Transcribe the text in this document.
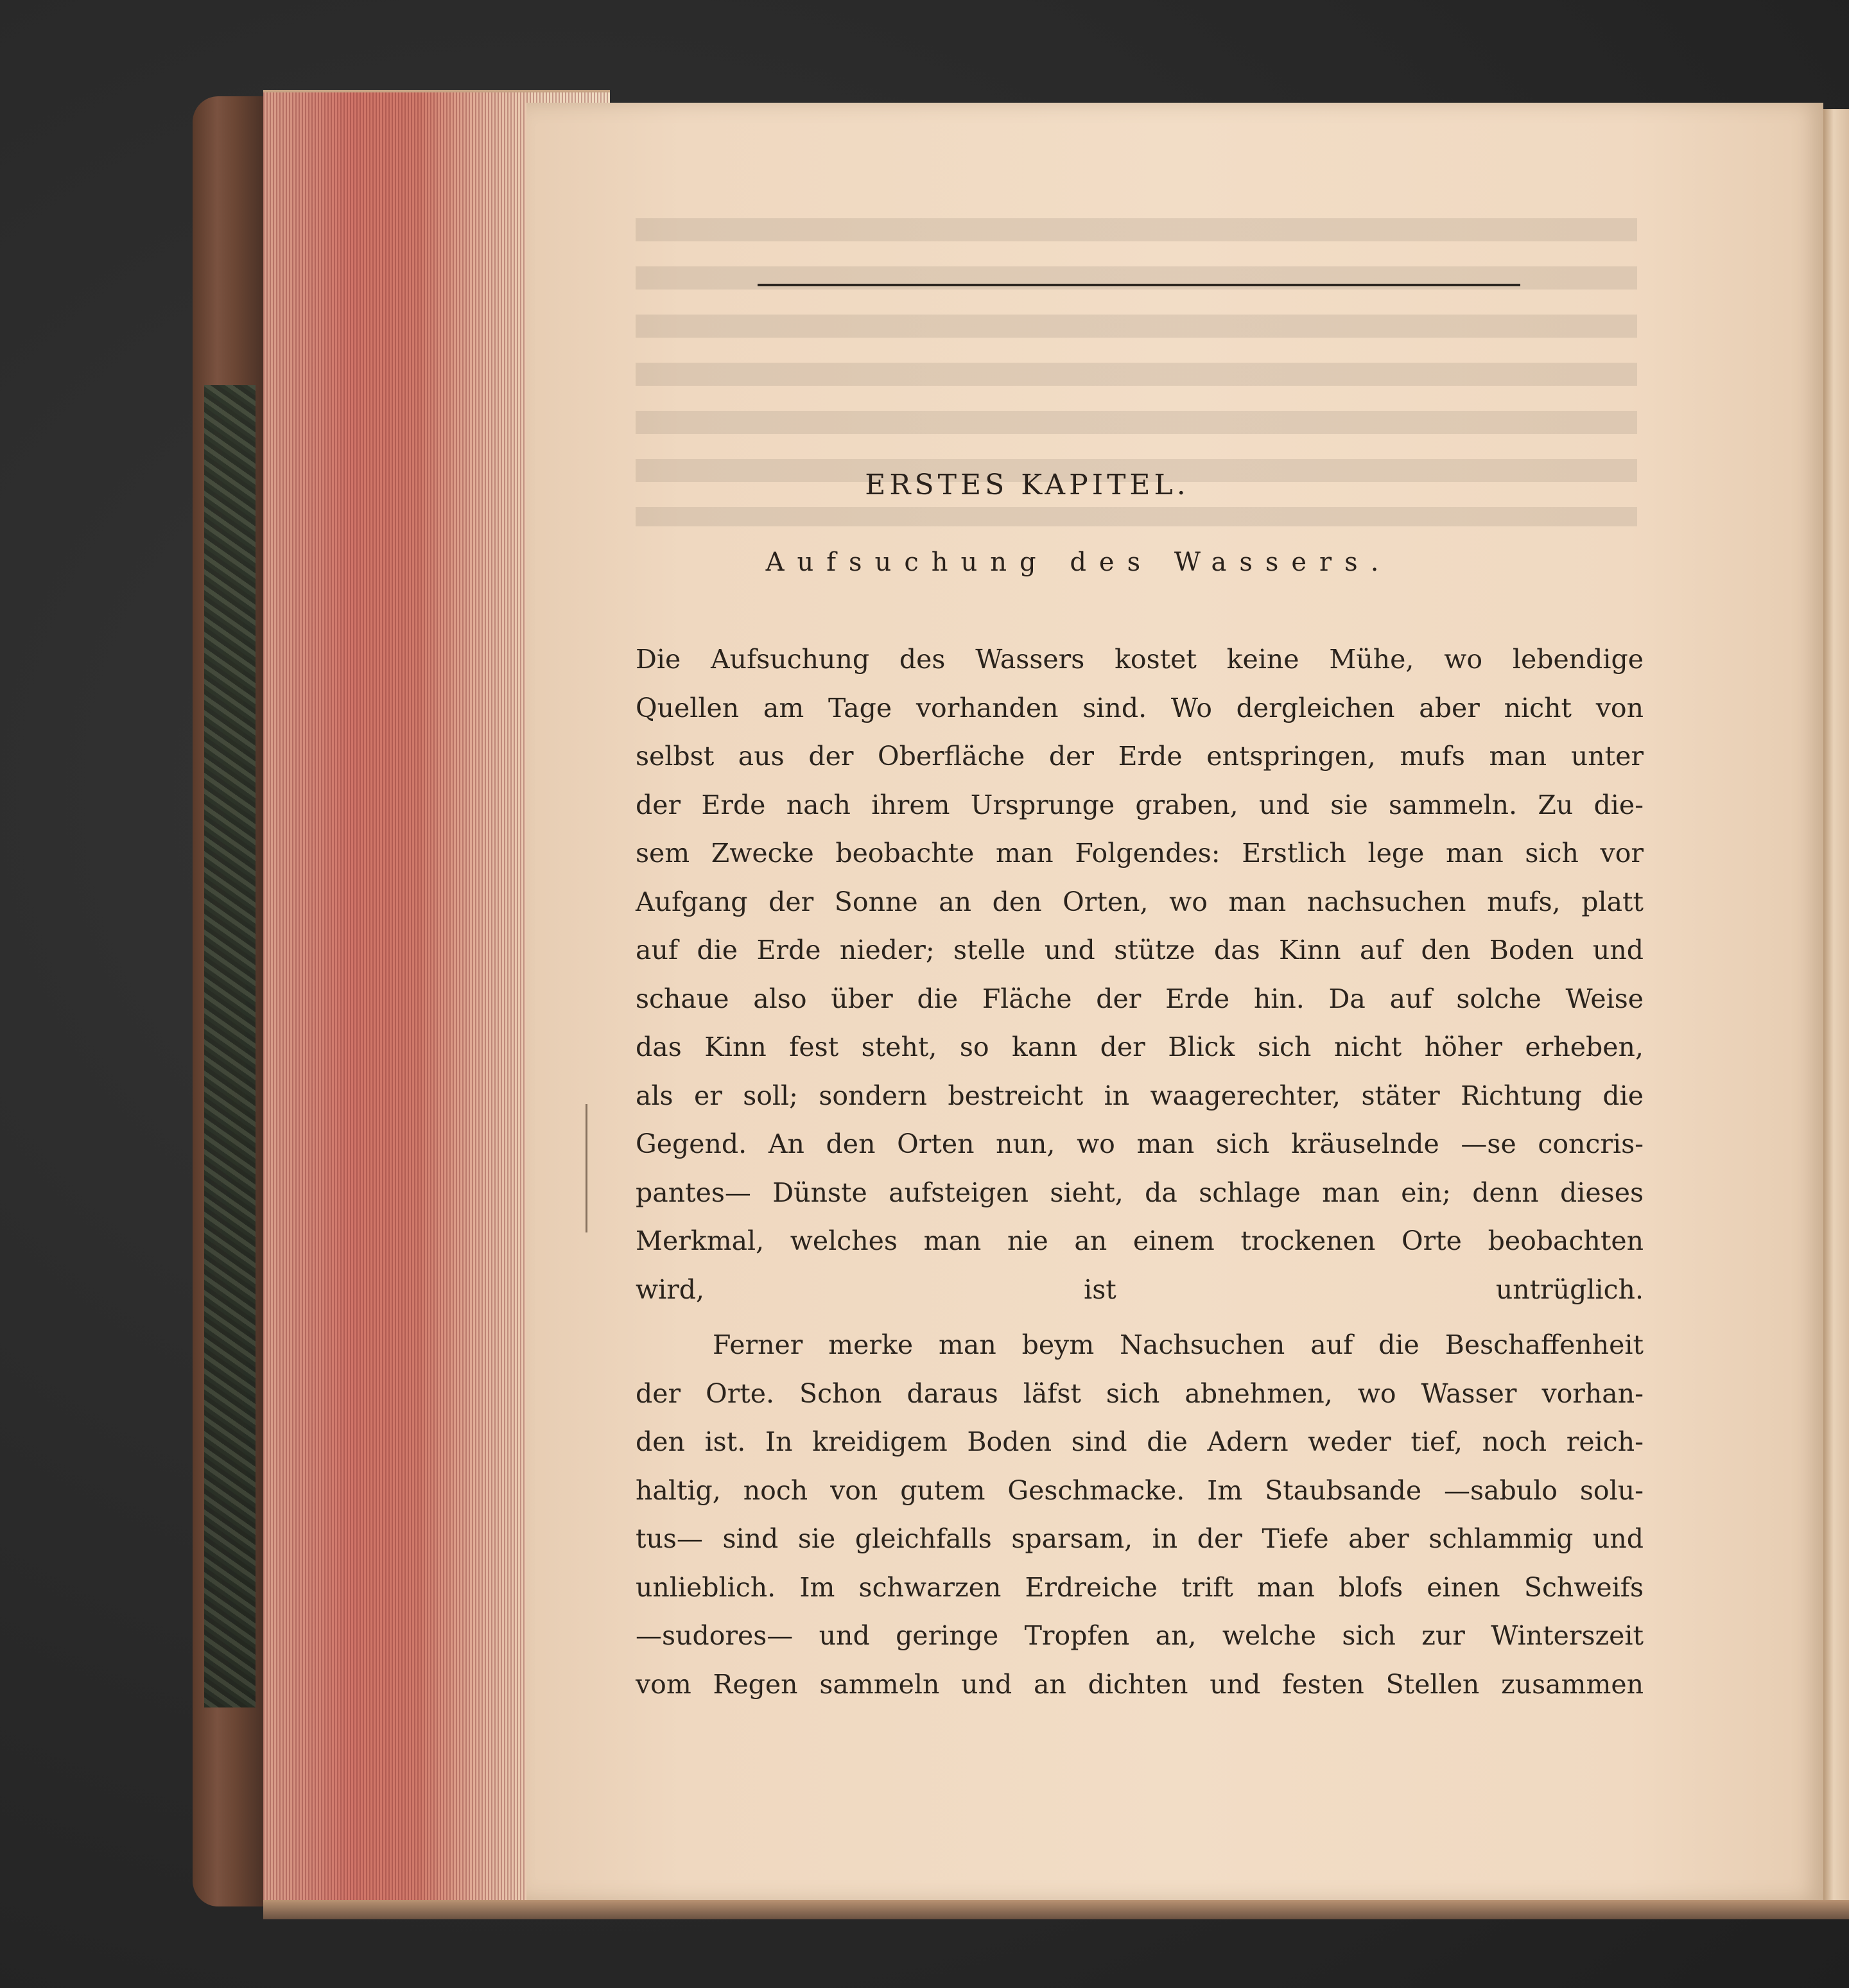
ERSTES KAPITEL.
Aufsuchung des Wassers.
Die Aufsuchung des Wassers kostet keine Mühe, wo lebendige
Quellen am Tage vorhanden sind. Wo dergleichen aber nicht von
selbst aus der Oberfläche der Erde entspringen, mufs man unter
der Erde nach ihrem Ursprunge graben, und sie sammeln. Zu die-
sem Zwecke beobachte man Folgendes: Erstlich lege man sich vor
Aufgang der Sonne an den Orten, wo man nachsuchen mufs, platt
auf die Erde nieder; stelle und stütze das Kinn auf den Boden und
schaue also über die Fläche der Erde hin. Da auf solche Weise
das Kinn fest steht, so kann der Blick sich nicht höher erheben,
als er soll; sondern bestreicht in waagerechter, stäter Richtung die
Gegend. An den Orten nun, wo man sich kräuselnde —se concris-
pantes— Dünste aufsteigen sieht, da schlage man ein; denn dieses
Merkmal, welches man nie an einem trockenen Orte beobachten
wird, ist untrüglich.
Ferner merke man beym Nachsuchen auf die Beschaffenheit
der Orte. Schon daraus läfst sich abnehmen, wo Wasser vorhan-
den ist. In kreidigem Boden sind die Adern weder tief, noch reich-
haltig, noch von gutem Geschmacke. Im Staubsande —sabulo solu-
tus— sind sie gleichfalls sparsam, in der Tiefe aber schlammig und
unlieblich. Im schwarzen Erdreiche trift man blofs einen Schweifs
—sudores— und geringe Tropfen an, welche sich zur Winterszeit
vom Regen sammeln und an dichten und festen Stellen zusammen
